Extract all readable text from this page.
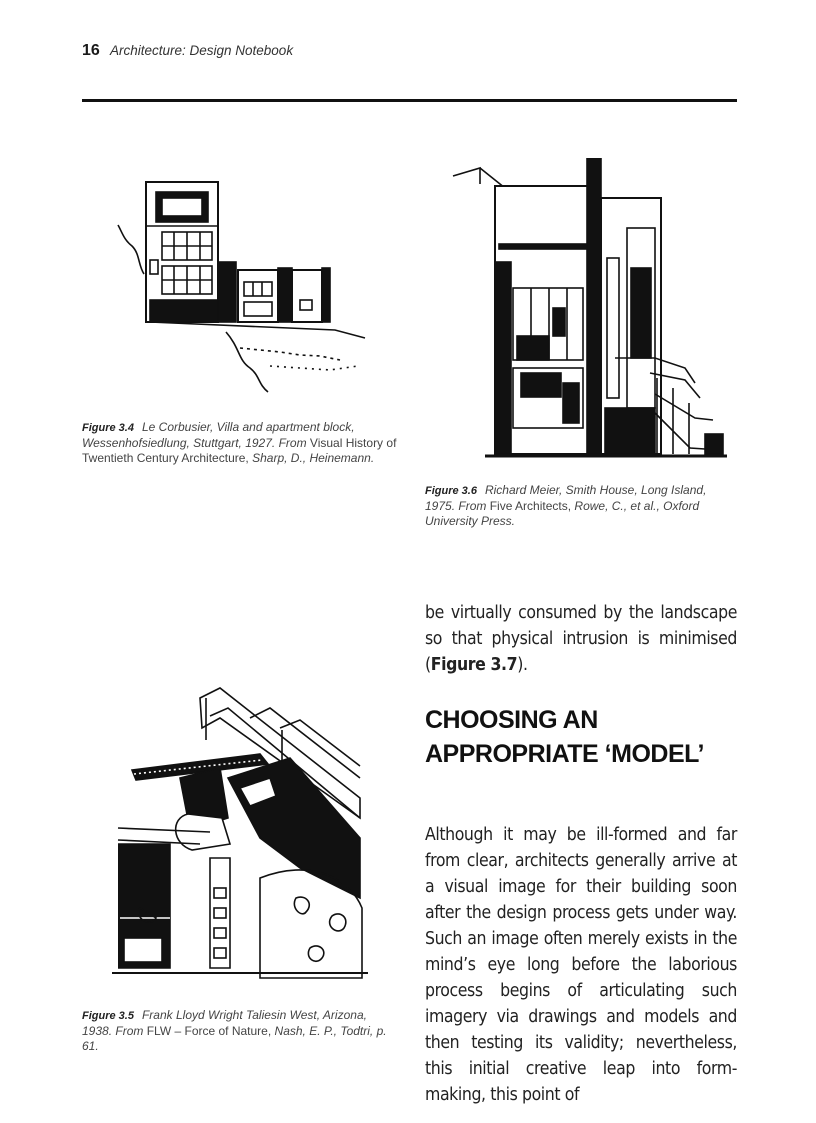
16 Architecture: Design Notebook
Figure 3.4 Le Corbusier, Villa and apartment block, Wessenhofsiedlung, Stuttgart, 1927. From Visual History of Twentieth Century Architecture, Sharp, D., Heinemann.
Figure 3.6 Richard Meier, Smith House, Long Island, 1975. From Five Architects, Rowe, C., et al., Oxford University Press.
be virtually consumed by the landscape so that physical intrusion is minimised (Figure 3.7).
Figure 3.5 Frank Lloyd Wright Taliesin West, Arizona, 1938. From FLW – Force of Nature, Nash, E. P., Todtri, p. 61.
CHOOSING AN APPROPRIATE ‘MODEL’
Although it may be ill-formed and far from clear, architects generally arrive at a visual image for their building soon after the design process gets under way. Such an image often merely exists in the mind’s eye long before the laborious process begins of articulating such imagery via drawings and models and then testing its validity; nevertheless, this initial creative leap into form-making, this point of
